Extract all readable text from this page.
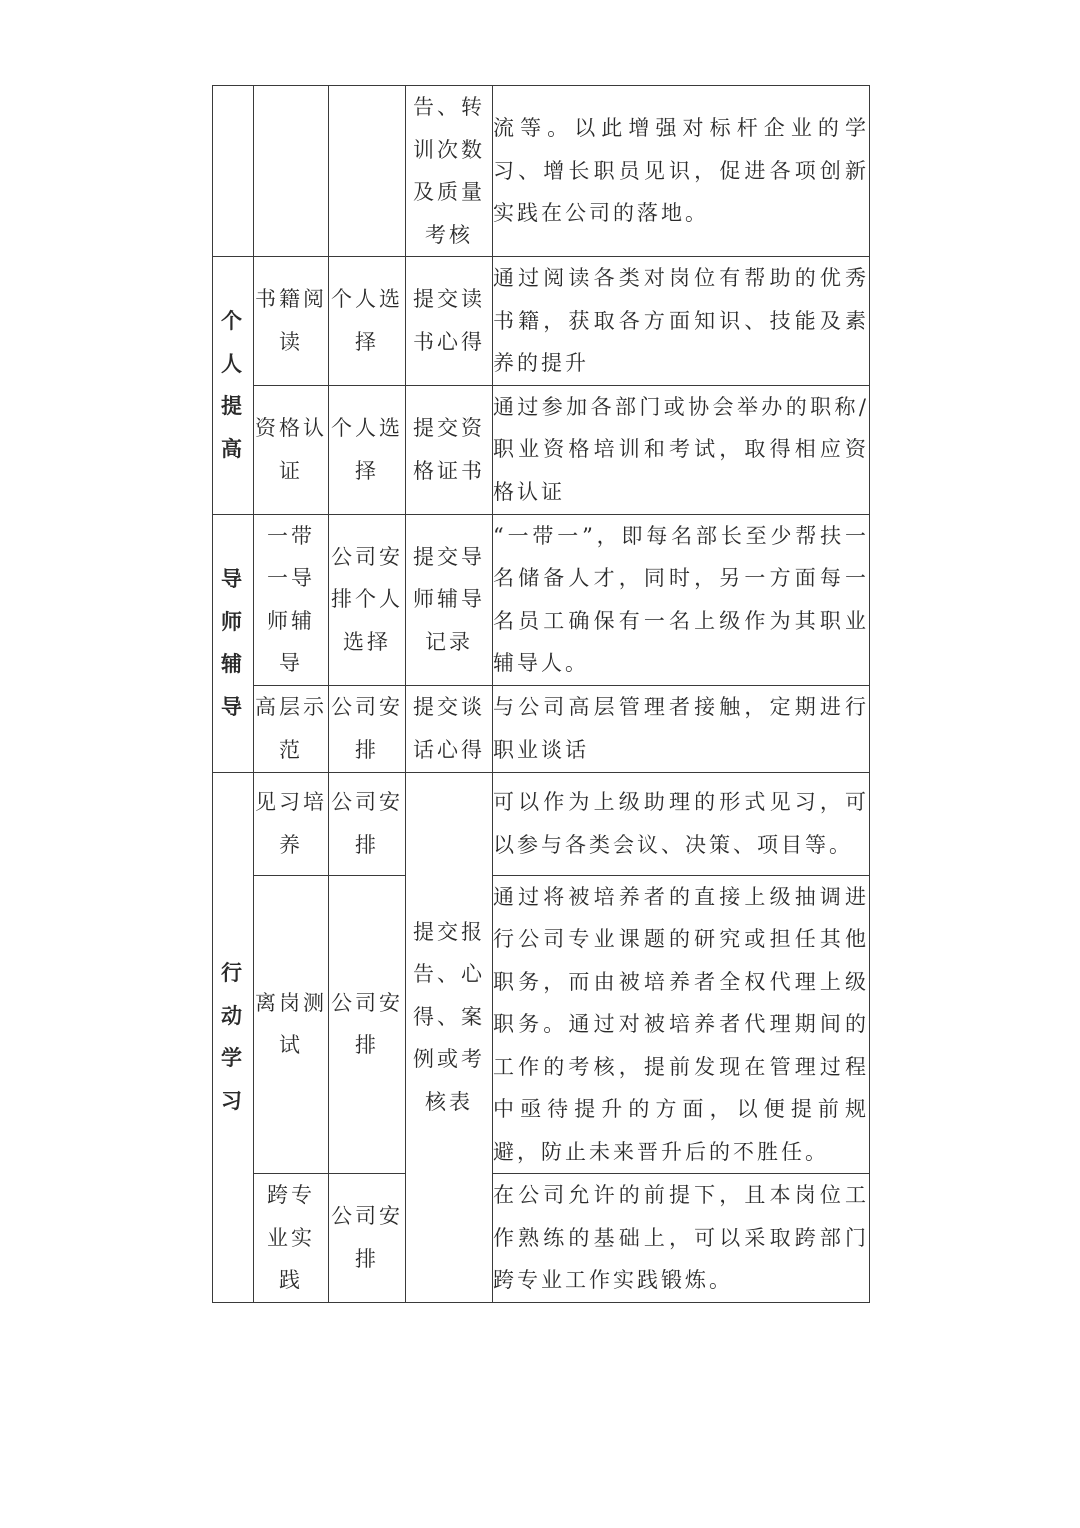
			告、转训次数及质量考核	流等。以此增强对标杆企业的学习、增长职员见识，促进各项创新实践在公司的落地。

个人提高	书籍阅读	个人选择	提交读书心得	通过阅读各类对岗位有帮助的优秀书籍，获取各方面知识、技能及素养的提升

	资格认证	个人选择	提交资格证书	通过参加各部门或协会举办的职称/职业资格培训和考试，取得相应资格认证

导师辅导	一带一导师辅导	公司安排个人选择	提交导师辅导记录	“一带一”，即每名部长至少帮扶一名储备人才，同时，另一方面每一名员工确保有一名上级作为其职业辅导人。

	高层示范	公司安排	提交谈话心得	与公司高层管理者接触，定期进行职业谈话

行动学习	见习培养	公司安排	提交报告、心得、案例或考核表	可以作为上级助理的形式见习，可以参与各类会议、决策、项目等。

	离岗测试	公司安排		通过将被培养者的直接上级抽调进行公司专业课题的研究或担任其他职务，而由被培养者全权代理上级职务。通过对被培养者代理期间的工作的考核，提前发现在管理过程中亟待提升的方面，以便提前规避，防止未来晋升后的不胜任。

	跨专业实践	公司安排		在公司允许的前提下，且本岗位工作熟练的基础上，可以采取跨部门跨专业工作实践锻炼。
